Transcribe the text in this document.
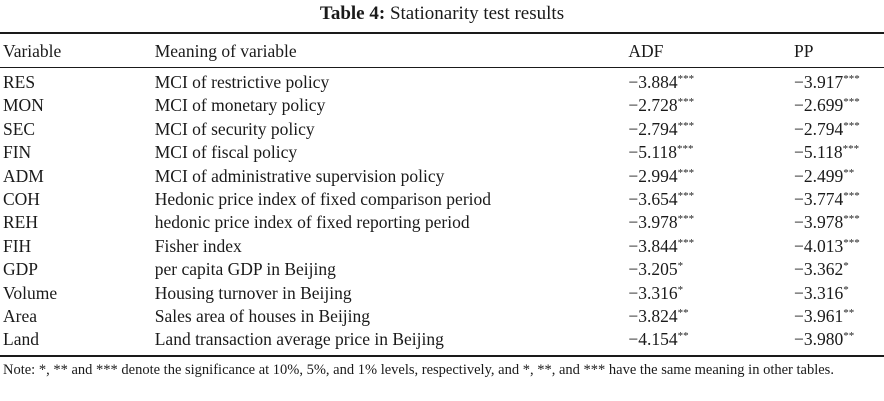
Table 4: Stationarity test results
Variable	Meaning of variable	ADF	PP
RES	MCI of restrictive policy	−3.884***	−3.917***
MON	MCI of monetary policy	−2.728***	−2.699***
SEC	MCI of security policy	−2.794***	−2.794***
FIN	MCI of fiscal policy	−5.118***	−5.118***
ADM	MCI of administrative supervision policy	−2.994***	−2.499**
COH	Hedonic price index of fixed comparison period	−3.654***	−3.774***
REH	hedonic price index of fixed reporting period	−3.978***	−3.978***
FIH	Fisher index	−3.844***	−4.013***
GDP	per capita GDP in Beijing	−3.205*	−3.362*
Volume	Housing turnover in Beijing	−3.316*	−3.316*
Area	Sales area of houses in Beijing	−3.824**	−3.961**
Land	Land transaction average price in Beijing	−4.154**	−3.980**
Note: *, ** and *** denote the significance at 10%, 5%, and 1% levels, respectively, and *, **, and *** have the same meaning in other tables.
